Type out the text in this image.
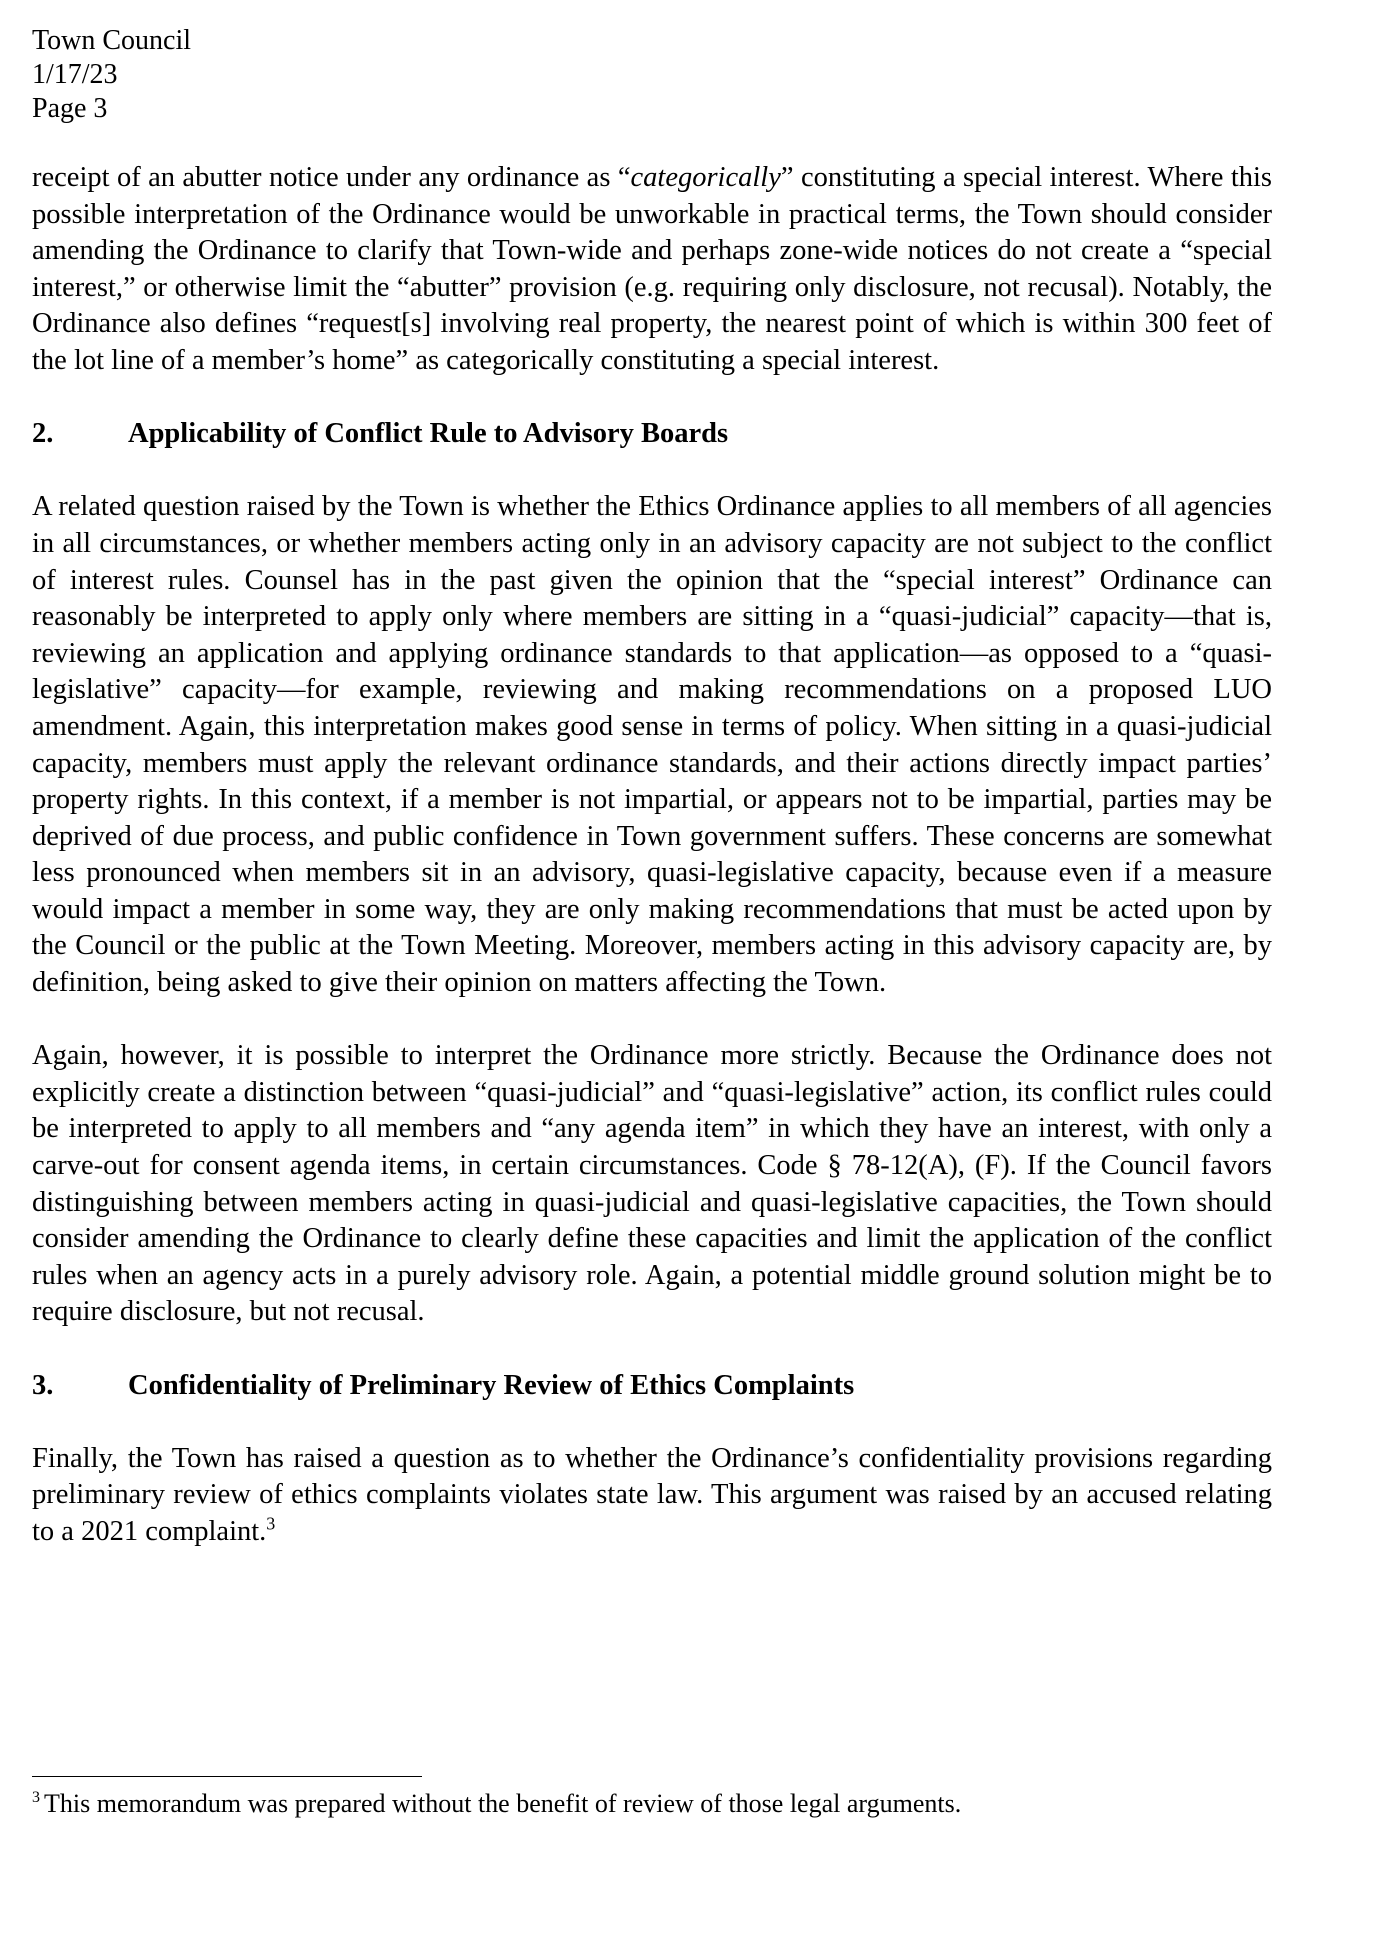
Town Council
1/17/23
Page 3

receipt of an abutter notice under any ordinance as “categorically” constituting a special interest. Where this possible interpretation of the Ordinance would be unworkable in practical terms, the Town should consider amending the Ordinance to clarify that Town-wide and perhaps zone-wide notices do not create a “special interest,” or otherwise limit the “abutter” provision (e.g. requiring only disclosure, not recusal). Notably, the Ordinance also defines “request[s] involving real property, the nearest point of which is within 300 feet of the lot line of a member’s home” as categorically constituting a special interest.

2.	Applicability of Conflict Rule to Advisory Boards

A related question raised by the Town is whether the Ethics Ordinance applies to all members of all agencies in all circumstances, or whether members acting only in an advisory capacity are not subject to the conflict of interest rules. Counsel has in the past given the opinion that the “special interest” Ordinance can reasonably be interpreted to apply only where members are sitting in a “quasi-judicial” capacity—that is, reviewing an application and applying ordinance standards to that application—as opposed to a “quasi-legislative” capacity—for example, reviewing and making recommendations on a proposed LUO amendment. Again, this interpretation makes good sense in terms of policy. When sitting in a quasi-judicial capacity, members must apply the relevant ordinance standards, and their actions directly impact parties’ property rights. In this context, if a member is not impartial, or appears not to be impartial, parties may be deprived of due process, and public confidence in Town government suffers. These concerns are somewhat less pronounced when members sit in an advisory, quasi-legislative capacity, because even if a measure would impact a member in some way, they are only making recommendations that must be acted upon by the Council or the public at the Town Meeting. Moreover, members acting in this advisory capacity are, by definition, being asked to give their opinion on matters affecting the Town.

Again, however, it is possible to interpret the Ordinance more strictly. Because the Ordinance does not explicitly create a distinction between “quasi-judicial” and “quasi-legislative” action, its conflict rules could be interpreted to apply to all members and “any agenda item” in which they have an interest, with only a carve-out for consent agenda items, in certain circumstances. Code § 78-12(A), (F). If the Council favors distinguishing between members acting in quasi-judicial and quasi-legislative capacities, the Town should consider amending the Ordinance to clearly define these capacities and limit the application of the conflict rules when an agency acts in a purely advisory role. Again, a potential middle ground solution might be to require disclosure, but not recusal.

3.	Confidentiality of Preliminary Review of Ethics Complaints

Finally, the Town has raised a question as to whether the Ordinance’s confidentiality provisions regarding preliminary review of ethics complaints violates state law. This argument was raised by an accused relating to a 2021 complaint.$^3$

$^3$ This memorandum was prepared without the benefit of review of those legal arguments.
